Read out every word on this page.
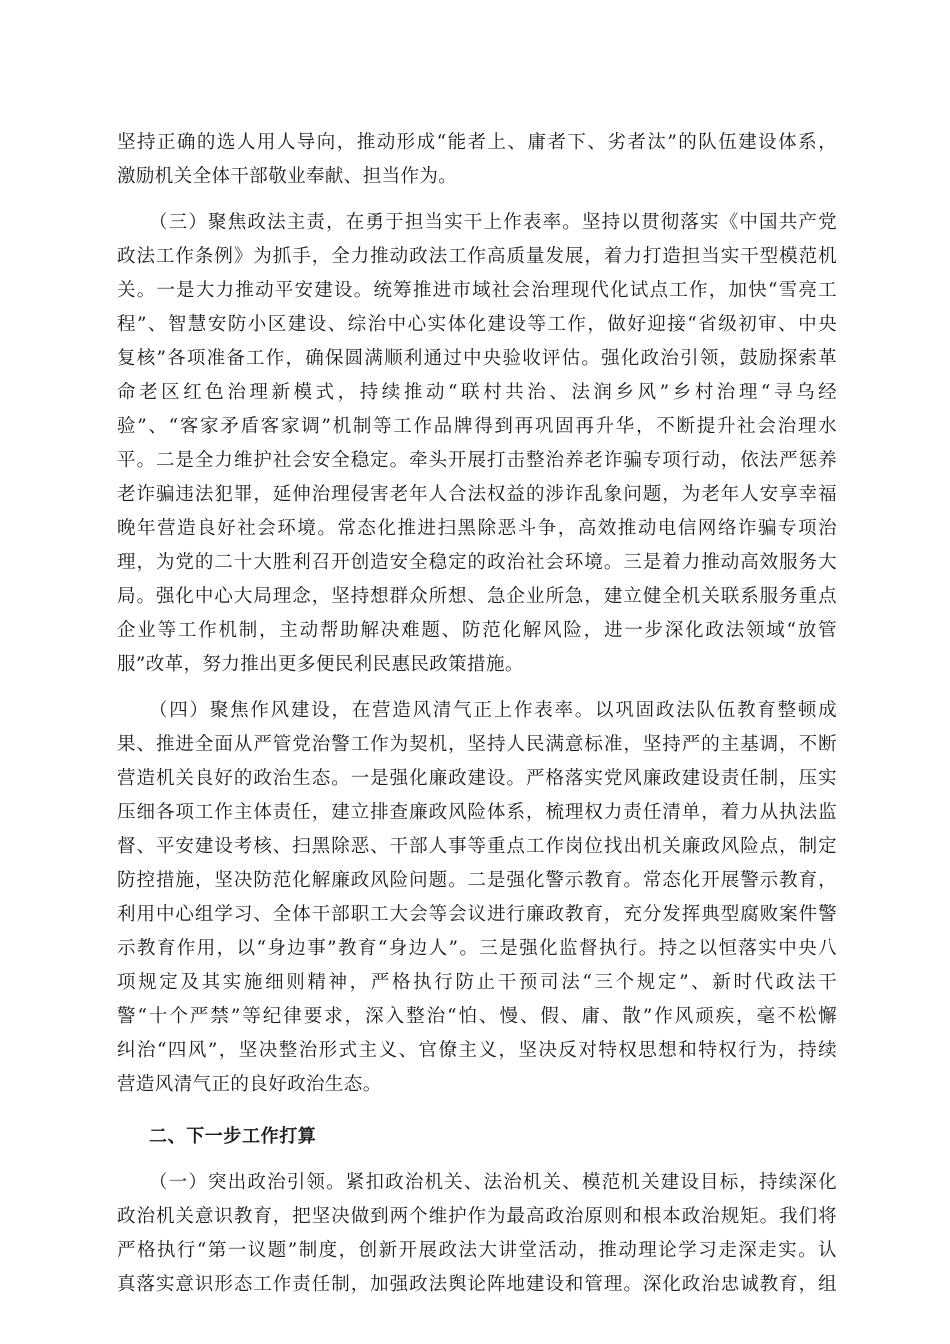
坚持正确的选人用人导向，推动形成“能者上、庸者下、劣者汰”的队伍建设体系，
激励机关全体干部敬业奉献、担当作为。
（三）聚焦政法主责，在勇于担当实干上作表率。坚持以贯彻落实《中国共产党
政法工作条例》为抓手，全力推动政法工作高质量发展，着力打造担当实干型模范机
关。一是大力推动平安建设。统筹推进市域社会治理现代化试点工作，加快“雪亮工
程”、智慧安防小区建设、综治中心实体化建设等工作，做好迎接“省级初审、中央
复核”各项准备工作，确保圆满顺利通过中央验收评估。强化政治引领，鼓励探索革
命老区红色治理新模式，持续推动“联村共治、法润乡风”乡村治理“寻乌经
验”、“客家矛盾客家调”机制等工作品牌得到再巩固再升华，不断提升社会治理水
平。二是全力维护社会安全稳定。牵头开展打击整治养老诈骗专项行动，依法严惩养
老诈骗违法犯罪，延伸治理侵害老年人合法权益的涉诈乱象问题，为老年人安享幸福
晚年营造良好社会环境。常态化推进扫黑除恶斗争，高效推动电信网络诈骗专项治
理，为党的二十大胜利召开创造安全稳定的政治社会环境。三是着力推动高效服务大
局。强化中心大局理念，坚持想群众所想、急企业所急，建立健全机关联系服务重点
企业等工作机制，主动帮助解决难题、防范化解风险，进一步深化政法领域“放管
服”改革，努力推出更多便民利民惠民政策措施。
（四）聚焦作风建设，在营造风清气正上作表率。以巩固政法队伍教育整顿成
果、推进全面从严管党治警工作为契机，坚持人民满意标准，坚持严的主基调，不断
营造机关良好的政治生态。一是强化廉政建设。严格落实党风廉政建设责任制，压实
压细各项工作主体责任，建立排查廉政风险体系，梳理权力责任清单，着力从执法监
督、平安建设考核、扫黑除恶、干部人事等重点工作岗位找出机关廉政风险点，制定
防控措施，坚决防范化解廉政风险问题。二是强化警示教育。常态化开展警示教育，
利用中心组学习、全体干部职工大会等会议进行廉政教育，充分发挥典型腐败案件警
示教育作用，以“身边事”教育“身边人”。三是强化监督执行。持之以恒落实中央八
项规定及其实施细则精神，严格执行防止干预司法“三个规定”、新时代政法干
警“十个严禁”等纪律要求，深入整治“怕、慢、假、庸、散”作风顽疾，毫不松懈
纠治“四风”，坚决整治形式主义、官僚主义，坚决反对特权思想和特权行为，持续
营造风清气正的良好政治生态。
二、下一步工作打算
（一）突出政治引领。紧扣政治机关、法治机关、模范机关建设目标，持续深化
政治机关意识教育，把坚决做到两个维护作为最高政治原则和根本政治规矩。我们将
严格执行“第一议题”制度，创新开展政法大讲堂活动，推动理论学习走深走实。认
真落实意识形态工作责任制，加强政法舆论阵地建设和管理。深化政治忠诚教育，组
